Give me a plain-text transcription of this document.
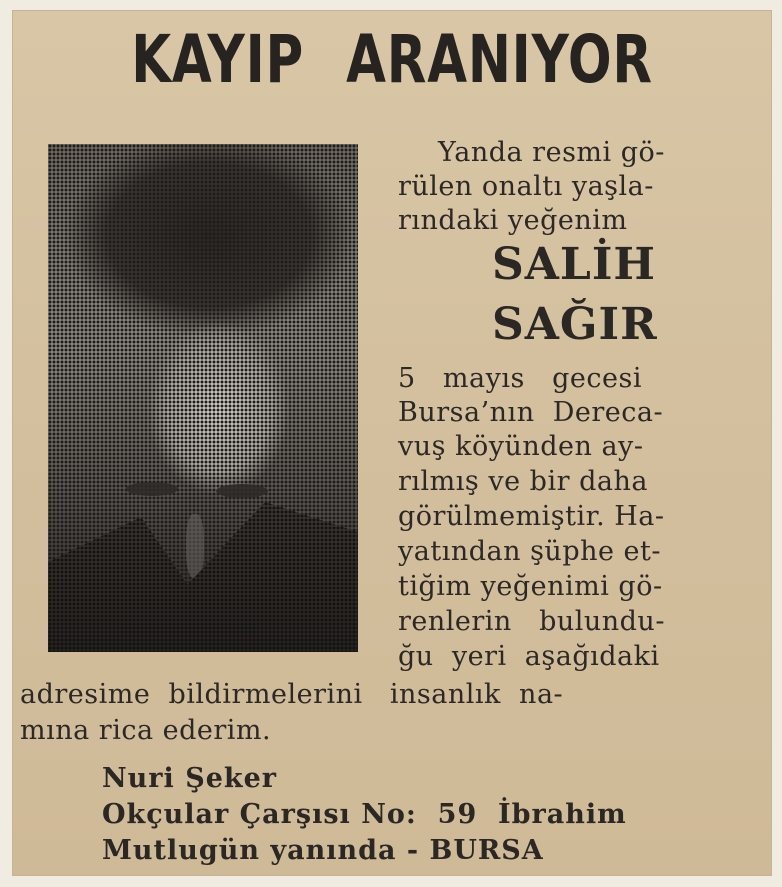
KAYIP ARANIYOR
Yanda resmi gö-
rülen onaltı yaşla-
rındaki yeğenim
SALİH
SAĞIR
5   mayıs   gecesi
Bursa’nın  Dereca-
vuş köyünden ay-
rılmış ve bir daha
görülmemiştir. Ha-
yatından şüphe et-
tiğim yeğenimi gö-
renlerin   bulundu-
ğu  yeri  aşağıdaki
adresime  bildirmelerini   insanlık  na-
mına rica ederim.
Nuri Şeker
Okçular Çarşısı No:  59  İbrahim
Mutlugün yanında - BURSA
